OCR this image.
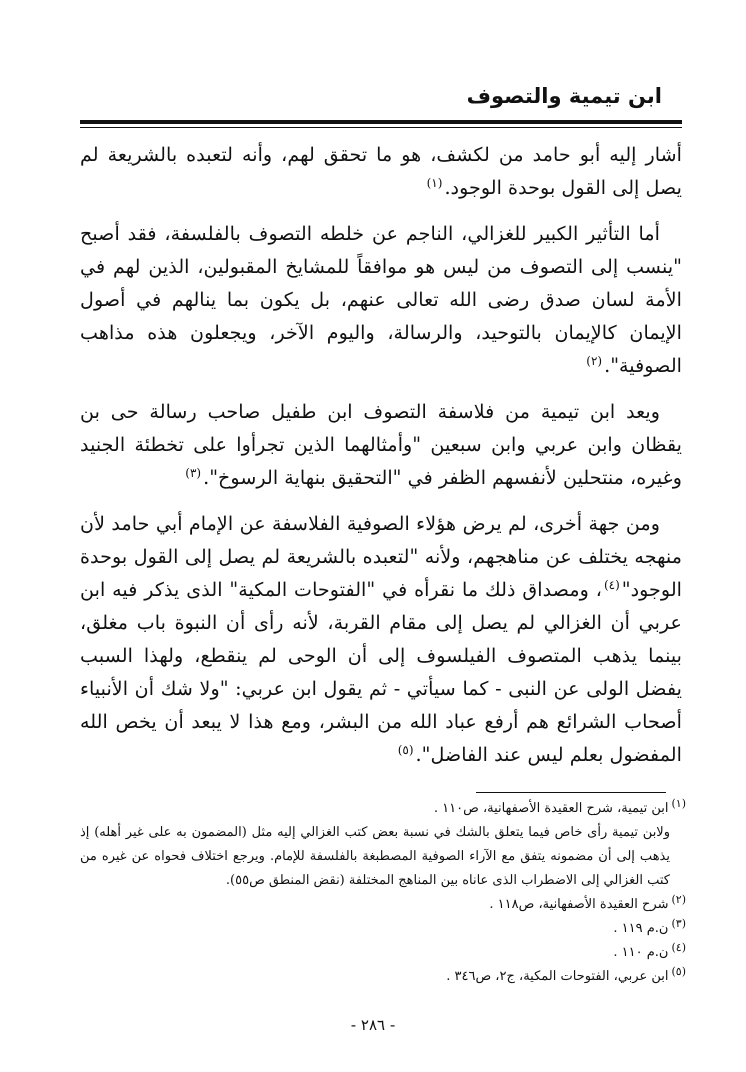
ابن تيمية والتصوف

أشار إليه أبو حامد من لكشف، هو ما تحقق لهم، وأنه لتعبده بالشريعة لم يصل إلى القول بوحدة الوجود.$^{(١)}$

أما التأثير الكبير للغزالي، الناجم عن خلطه التصوف بالفلسفة، فقد أصبح "ينسب إلى التصوف من ليس هو موافقاً للمشايخ المقبولين، الذين لهم في الأمة لسان صدق رضى الله تعالى عنهم، بل يكون بما ينالهم في أصول الإيمان كالإيمان بالتوحيد، والرسالة، واليوم الآخر، ويجعلون هذه مذاهب الصوفية".$^{(٢)}$

ويعد ابن تيمية من فلاسفة التصوف ابن طفيل صاحب رسالة حى بن يقظان وابن عربي وابن سبعين "وأمثالهما الذين تجرأوا على تخطئة الجنيد وغيره، منتحلين لأنفسهم الظفر في "التحقيق بنهاية الرسوخ".$^{(٣)}$

ومن جهة أخرى، لم يرض هؤلاء الصوفية الفلاسفة عن الإمام أبي حامد لأن منهجه يختلف عن مناهجهم، ولأنه "لتعبده بالشريعة لم يصل إلى القول بوحدة الوجود"$^{(٤)}$، ومصداق ذلك ما نقرأه في "الفتوحات المكية" الذى يذكر فيه ابن عربي أن الغزالي لم يصل إلى مقام القربة، لأنه رأى أن النبوة باب مغلق، بينما يذهب المتصوف الفيلسوف إلى أن الوحى لم ينقطع، ولهذا السبب يفضل الولى عن النبى - كما سيأتي - ثم يقول ابن عربي: "ولا شك أن الأنبياء أصحاب الشرائع هم أرفع عباد الله من البشر، ومع هذا لا يبعد أن يخص الله المفضول بعلم ليس عند الفاضل".$^{(٥)}$

$^{(١)}$ابن تيمية، شرح العقيدة الأصفهانية، ص١١٠ .

ولابن تيمية رأى خاص فيما يتعلق بالشك في نسبة بعض كتب الغزالي إليه مثل (المضمون به على غير أهله) إذ يذهب إلى أن مضمونه يتفق مع الآراء الصوفية المصطبغة بالفلسفة للإمام. ويرجع اختلاف فحواه عن غيره من كتب الغزالي إلى الاضطراب الذى عاناه بين المناهج المختلفة (نقض المنطق ص٥٥).

$^{(٢)}$شرح العقيدة الأصفهانية، ص١١٨ .

$^{(٣)}$ن.م ١١٩ .

$^{(٤)}$ن.م ١١٠ .

$^{(٥)}$ابن عربي، الفتوحات المكية، ج٢، ص٣٤٦ .

- ٢٨٦ -
